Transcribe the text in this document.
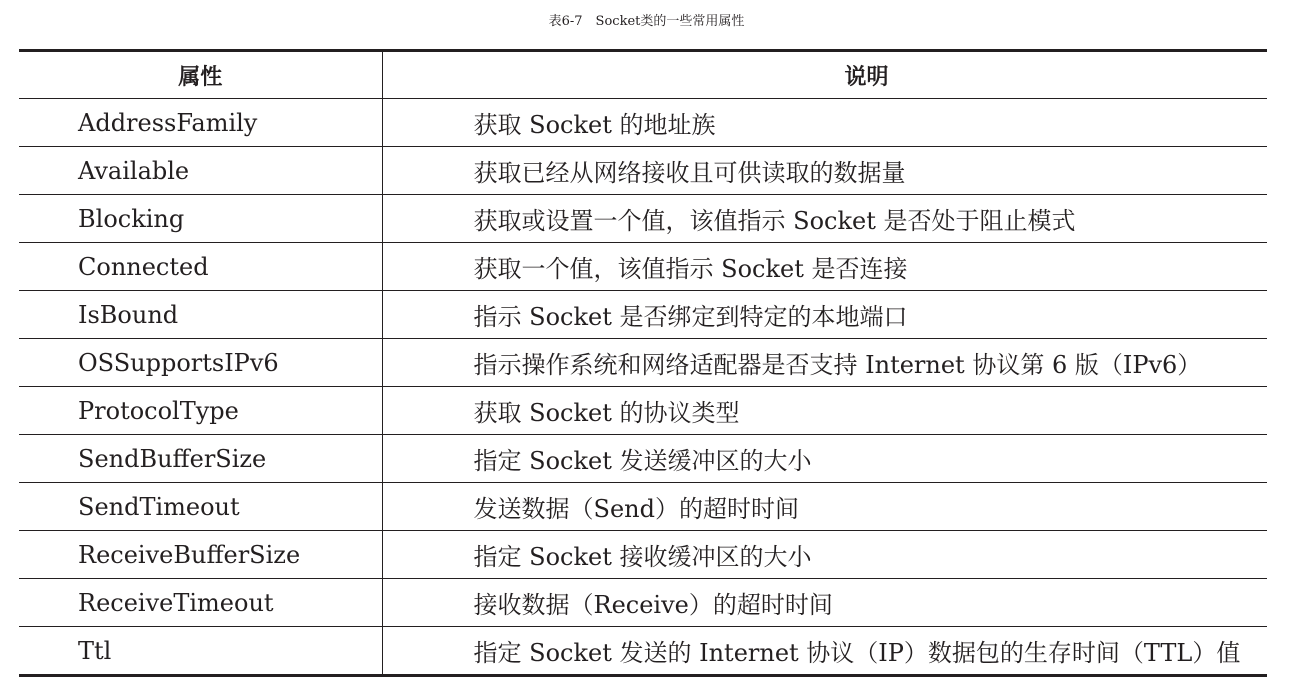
表6-7　Socket类的一些常用属性
属性	说明
AddressFamily	获取 Socket 的地址族
Available	获取已经从网络接收且可供读取的数据量
Blocking	获取或设置一个值，该值指示 Socket 是否处于阻止模式
Connected	获取一个值，该值指示 Socket 是否连接
IsBound	指示 Socket 是否绑定到特定的本地端口
OSSupportsIPv6	指示操作系统和网络适配器是否支持 Internet 协议第 6 版（IPv6）
ProtocolType	获取 Socket 的协议类型
SendBufferSize	指定 Socket 发送缓冲区的大小
SendTimeout	发送数据（Send）的超时时间
ReceiveBufferSize	指定 Socket 接收缓冲区的大小
ReceiveTimeout	接收数据（Receive）的超时时间
Ttl	指定 Socket 发送的 Internet 协议（IP）数据包的生存时间（TTL）值
